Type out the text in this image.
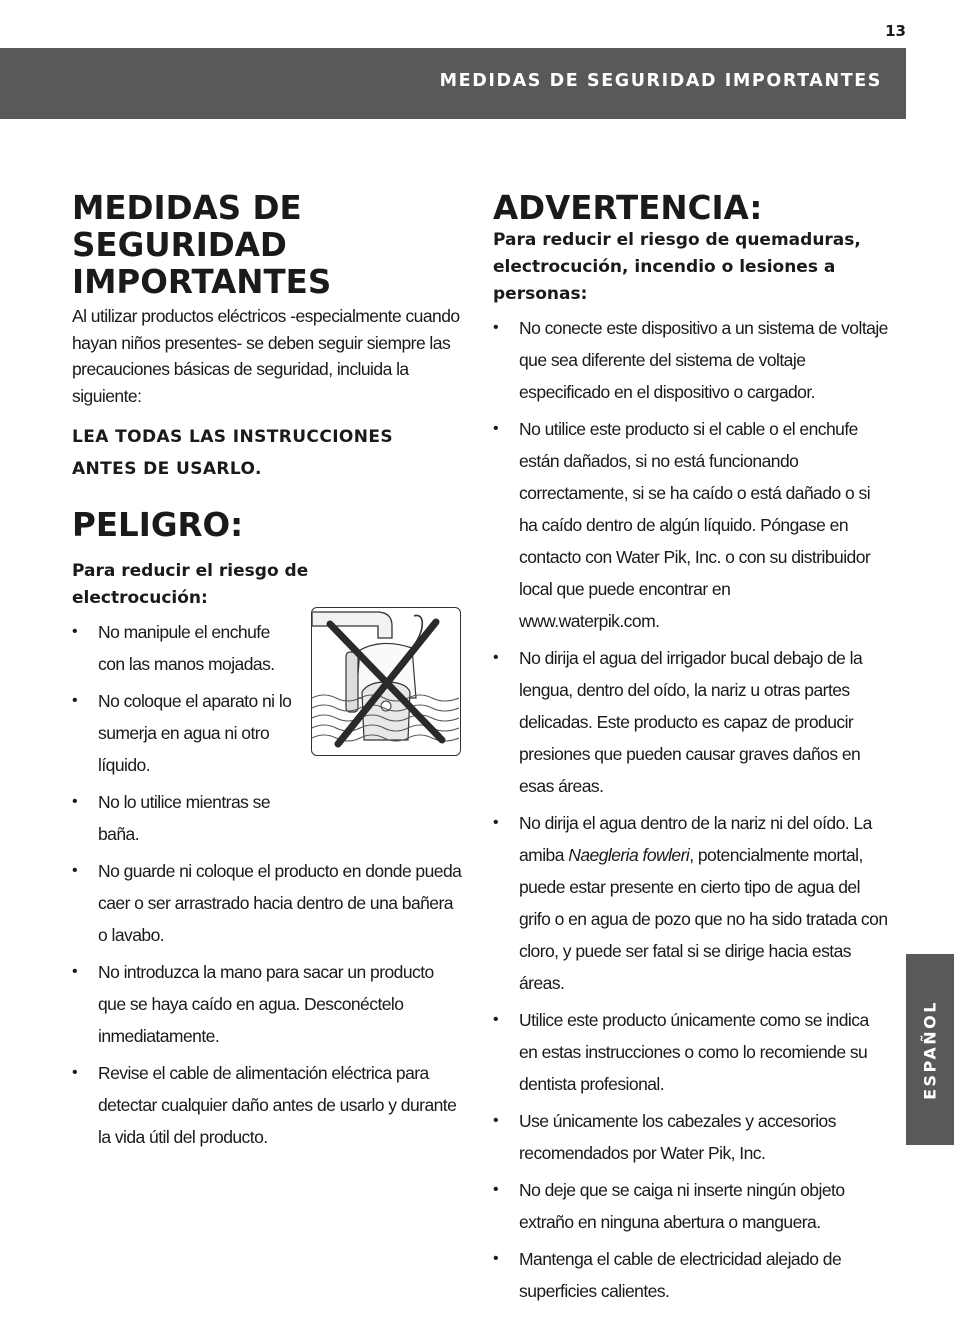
13
MEDIDAS DE SEGURIDAD IMPORTANTES
ESPAÑOL
MEDIDAS DE SEGURIDAD IMPORTANTES

Al utilizar productos eléctricos -especialmente cuando hayan niños presentes- se deben seguir siempre las precauciones básicas de seguridad, incluida la siguiente:

LEA TODAS LAS INSTRUCCIONES ANTES DE USARLO.

PELIGRO:
Para reducir el riesgo de electrocución:
• No manipule el enchufe con las manos mojadas.
• No coloque el aparato ni lo sumerja en agua ni otro líquido.
• No lo utilice mientras se baña.
• No guarde ni coloque el producto en donde pueda caer o ser arrastrado hacia dentro de una bañera o lavabo.
• No introduzca la mano para sacar un producto que se haya caído en agua. Desconéctelo inmediatamente.
• Revise el cable de alimentación eléctrica para detectar cualquier daño antes de usarlo y durante la vida útil del producto.
ADVERTENCIA:
Para reducir el riesgo de quemaduras, electrocución, incendio o lesiones a personas:
• No conecte este dispositivo a un sistema de voltaje que sea diferente del sistema de voltaje especificado en el dispositivo o cargador.
• No utilice este producto si el cable o el enchufe están dañados, si no está funcionando correctamente, si se ha caído o está dañado o si ha caído dentro de algún líquido. Póngase en contacto con Water Pik, Inc. o con su distribuidor local que puede encontrar en www.waterpik.com.
• No dirija el agua del irrigador bucal debajo de la lengua, dentro del oído, la nariz u otras partes delicadas. Este producto es capaz de producir presiones que pueden causar graves daños en esas áreas.
• No dirija el agua dentro de la nariz ni del oído. La amiba Naegleria fowleri, potencialmente mortal, puede estar presente en cierto tipo de agua del grifo o en agua de pozo que no ha sido tratada con cloro, y puede ser fatal si se dirige hacia estas áreas.
• Utilice este producto únicamente como se indica en estas instrucciones o como lo recomiende su dentista profesional.
• Use únicamente los cabezales y accesorios recomendados por Water Pik, Inc.
• No deje que se caiga ni inserte ningún objeto extraño en ninguna abertura o manguera.
• Mantenga el cable de electricidad alejado de superficies calientes.
